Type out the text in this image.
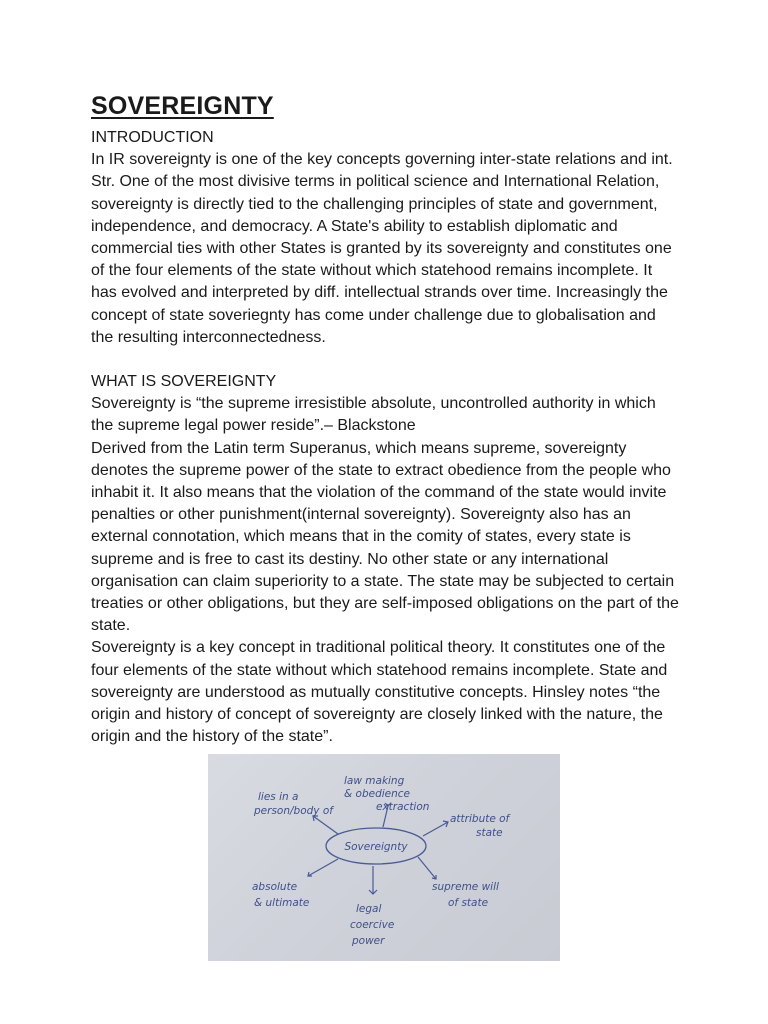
SOVEREIGNTY

INTRODUCTION

In IR sovereignty is one of the key concepts governing inter-state relations and int. Str. One of the most divisive terms in political science and International Relation, sovereignty is directly tied to the challenging principles of state and government, independence, and democracy. A State's ability to establish diplomatic and commercial ties with other States is granted by its sovereignty and constitutes one of the four elements of the state without which statehood remains incomplete. It has evolved and interpreted by diff. intellectual strands over time. Increasingly the concept of state soveriegnty has come under challenge due to globalisation and the resulting interconnectedness.

WHAT IS SOVEREIGNTY

Sovereignty is “the supreme irresistible absolute, uncontrolled authority in which the supreme legal power reside”.– Blackstone

Derived from the Latin term Superanus, which means supreme, sovereignty denotes the supreme power of the state to extract obedience from the people who inhabit it. It also means that the violation of the command of the state would invite penalties or other punishment(internal sovereignty). Sovereignty also has an external connotation, which means that in the comity of states, every state is supreme and is free to cast its destiny. No other state or any international organisation can claim superiority to a state. The state may be subjected to certain treaties or other obligations, but they are self-imposed obligations on the part of the state.

Sovereignty is a key concept in traditional political theory. It constitutes one of the four elements of the state without which statehood remains incomplete. State and sovereignty are understood as mutually constitutive concepts. Hinsley notes “the origin and history of concept of sovereignty are closely linked with the nature, the origin and the history of the state”.

Sovereignty
law making
& obedience
extraction
lies in a
person/body of
attribute of
state
absolute
& ultimate	legal
coercive
power
supreme will
of state
